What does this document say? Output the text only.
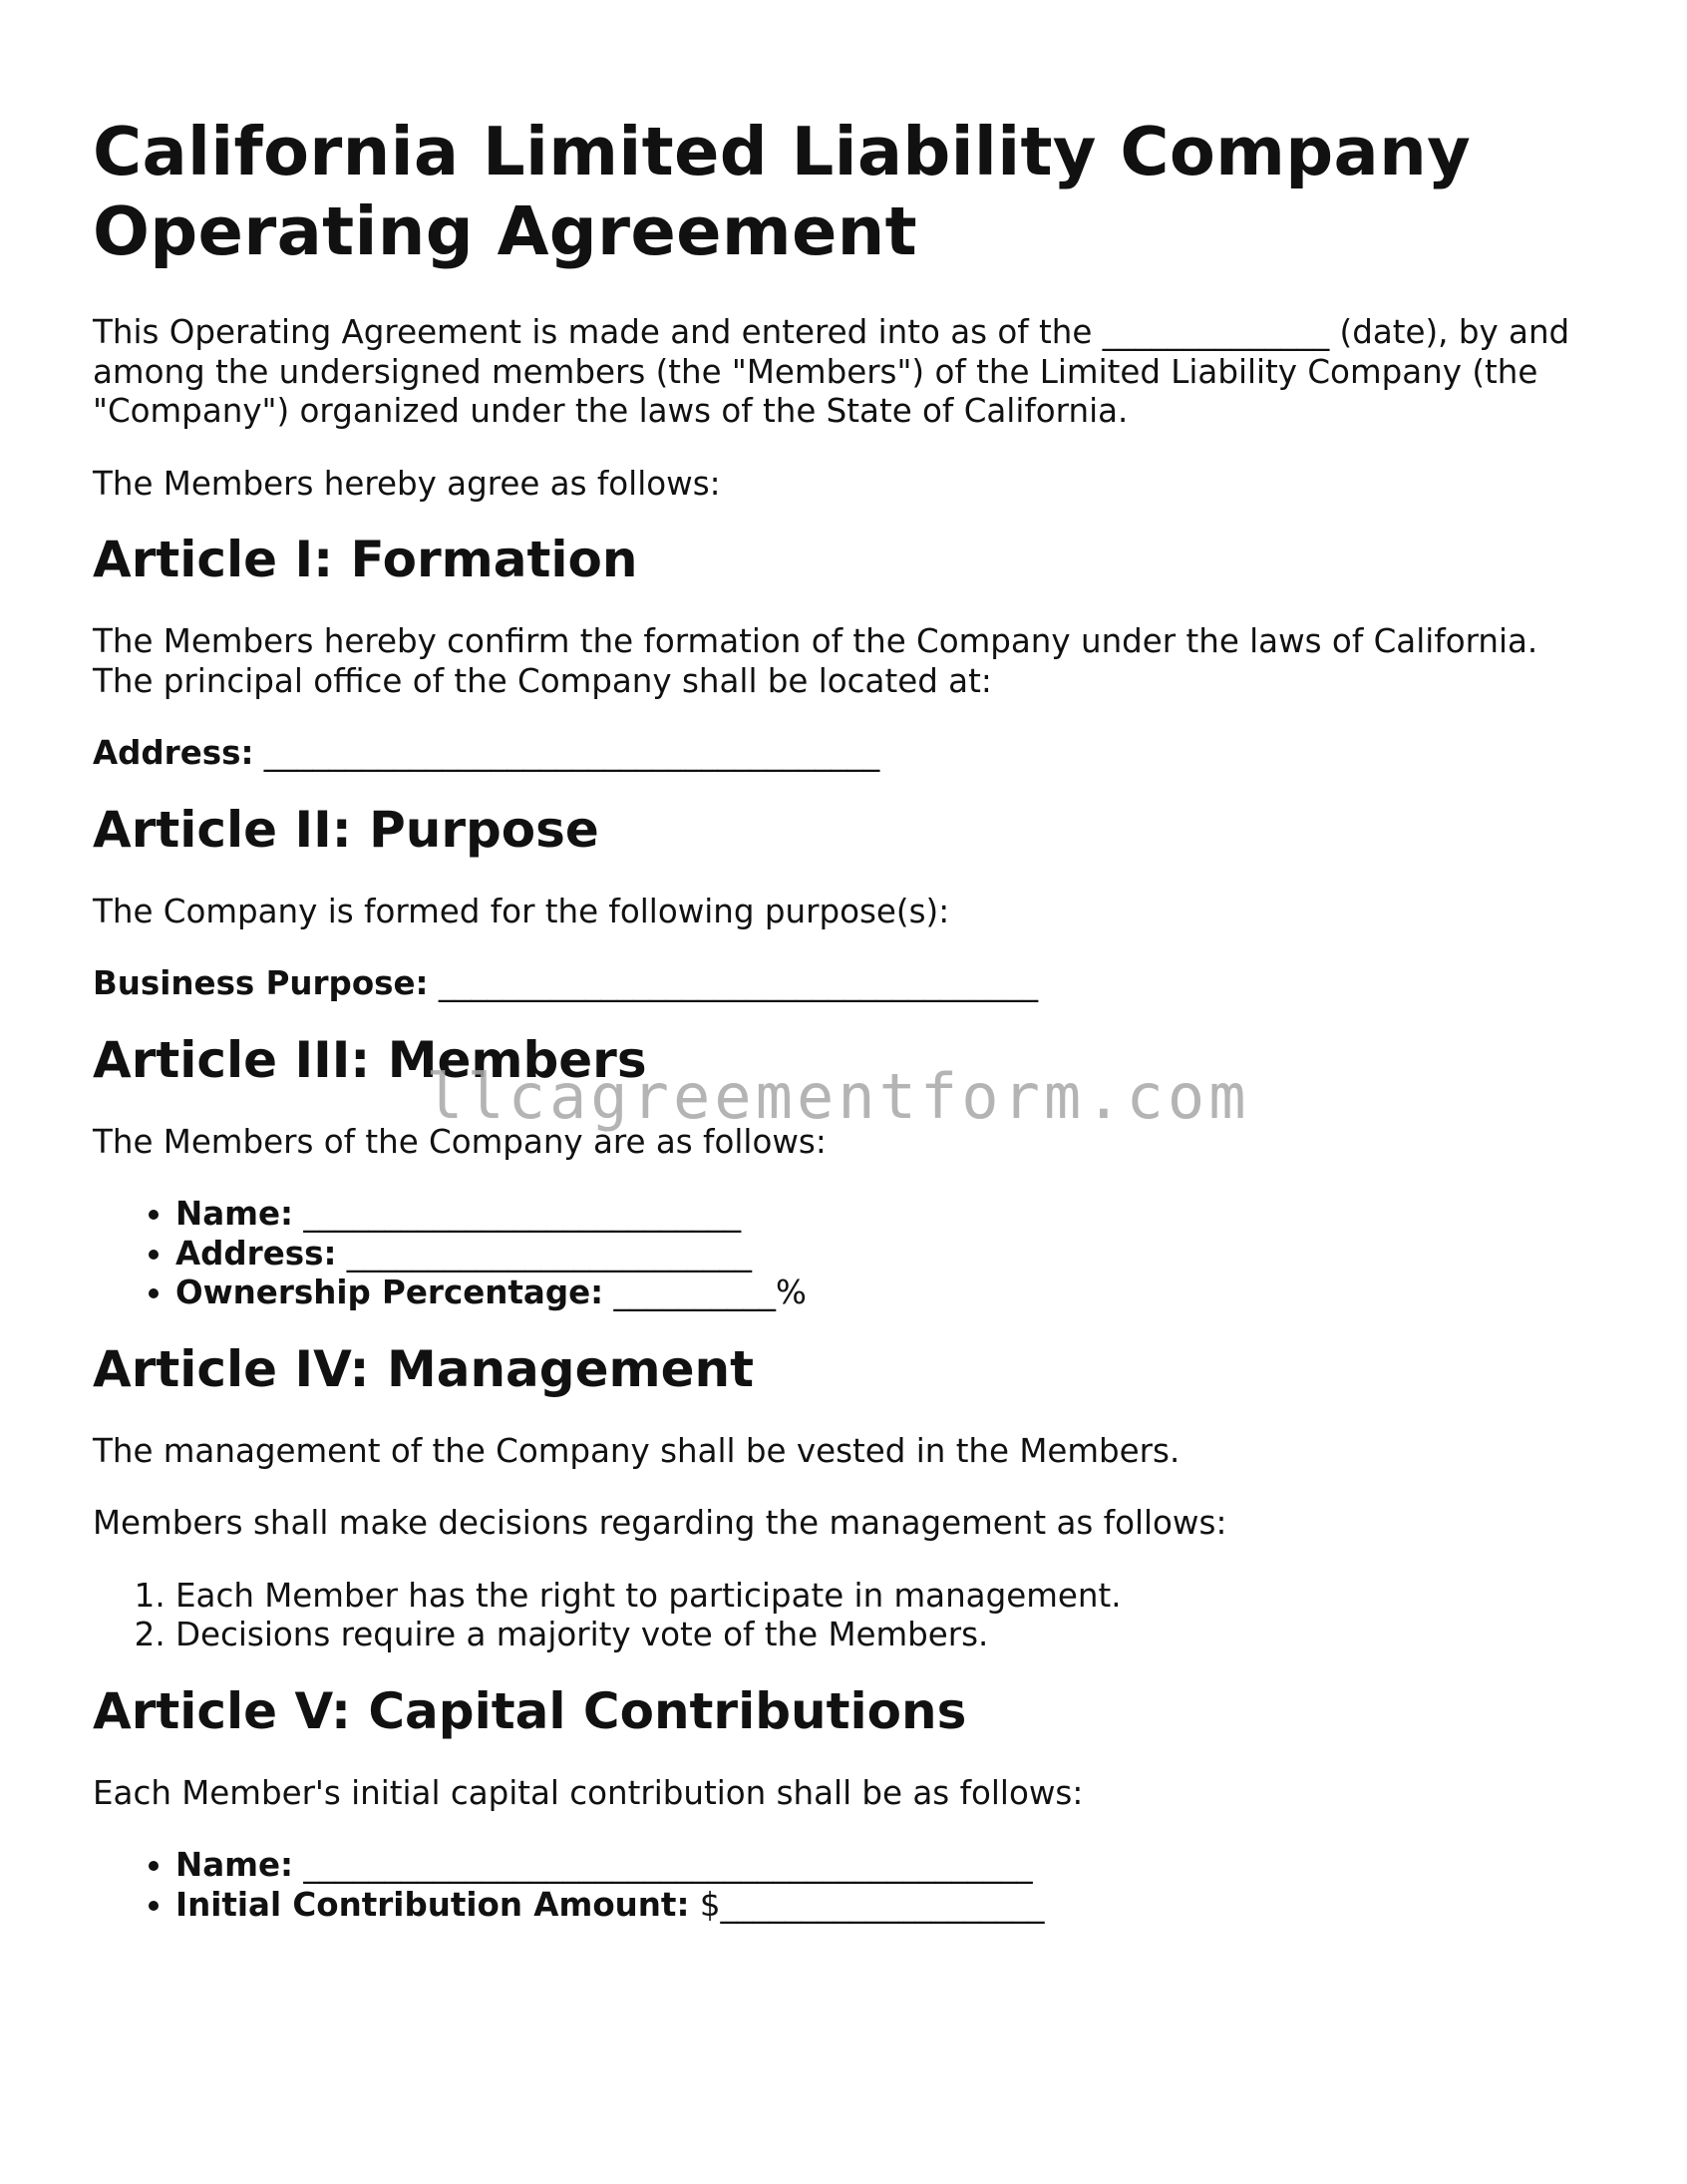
California Limited Liability Company Operating Agreement

This Operating Agreement is made and entered into as of the ______________ (date), by and among the undersigned members (the "Members") of the Limited Liability Company (the "Company") organized under the laws of the State of California.

The Members hereby agree as follows:

Article I: Formation

The Members hereby confirm the formation of the Company under the laws of California. The principal office of the Company shall be located at:

Address: ______________________________________

Article II: Purpose

The Company is formed for the following purpose(s):

Business Purpose: _____________________________________

Article III: Members

The Members of the Company are as follows:

• Name: ___________________________
• Address: _________________________
• Ownership Percentage: __________%
Article IV: Management

The management of the Company shall be vested in the Members.

Members shall make decisions regarding the management as follows:

1. Each Member has the right to participate in management.
2. Decisions require a majority vote of the Members.
Article V: Capital Contributions

Each Member's initial capital contribution shall be as follows:

• Name: _____________________________________________
• Initial Contribution Amount: $____________________
llcagreementform.com
